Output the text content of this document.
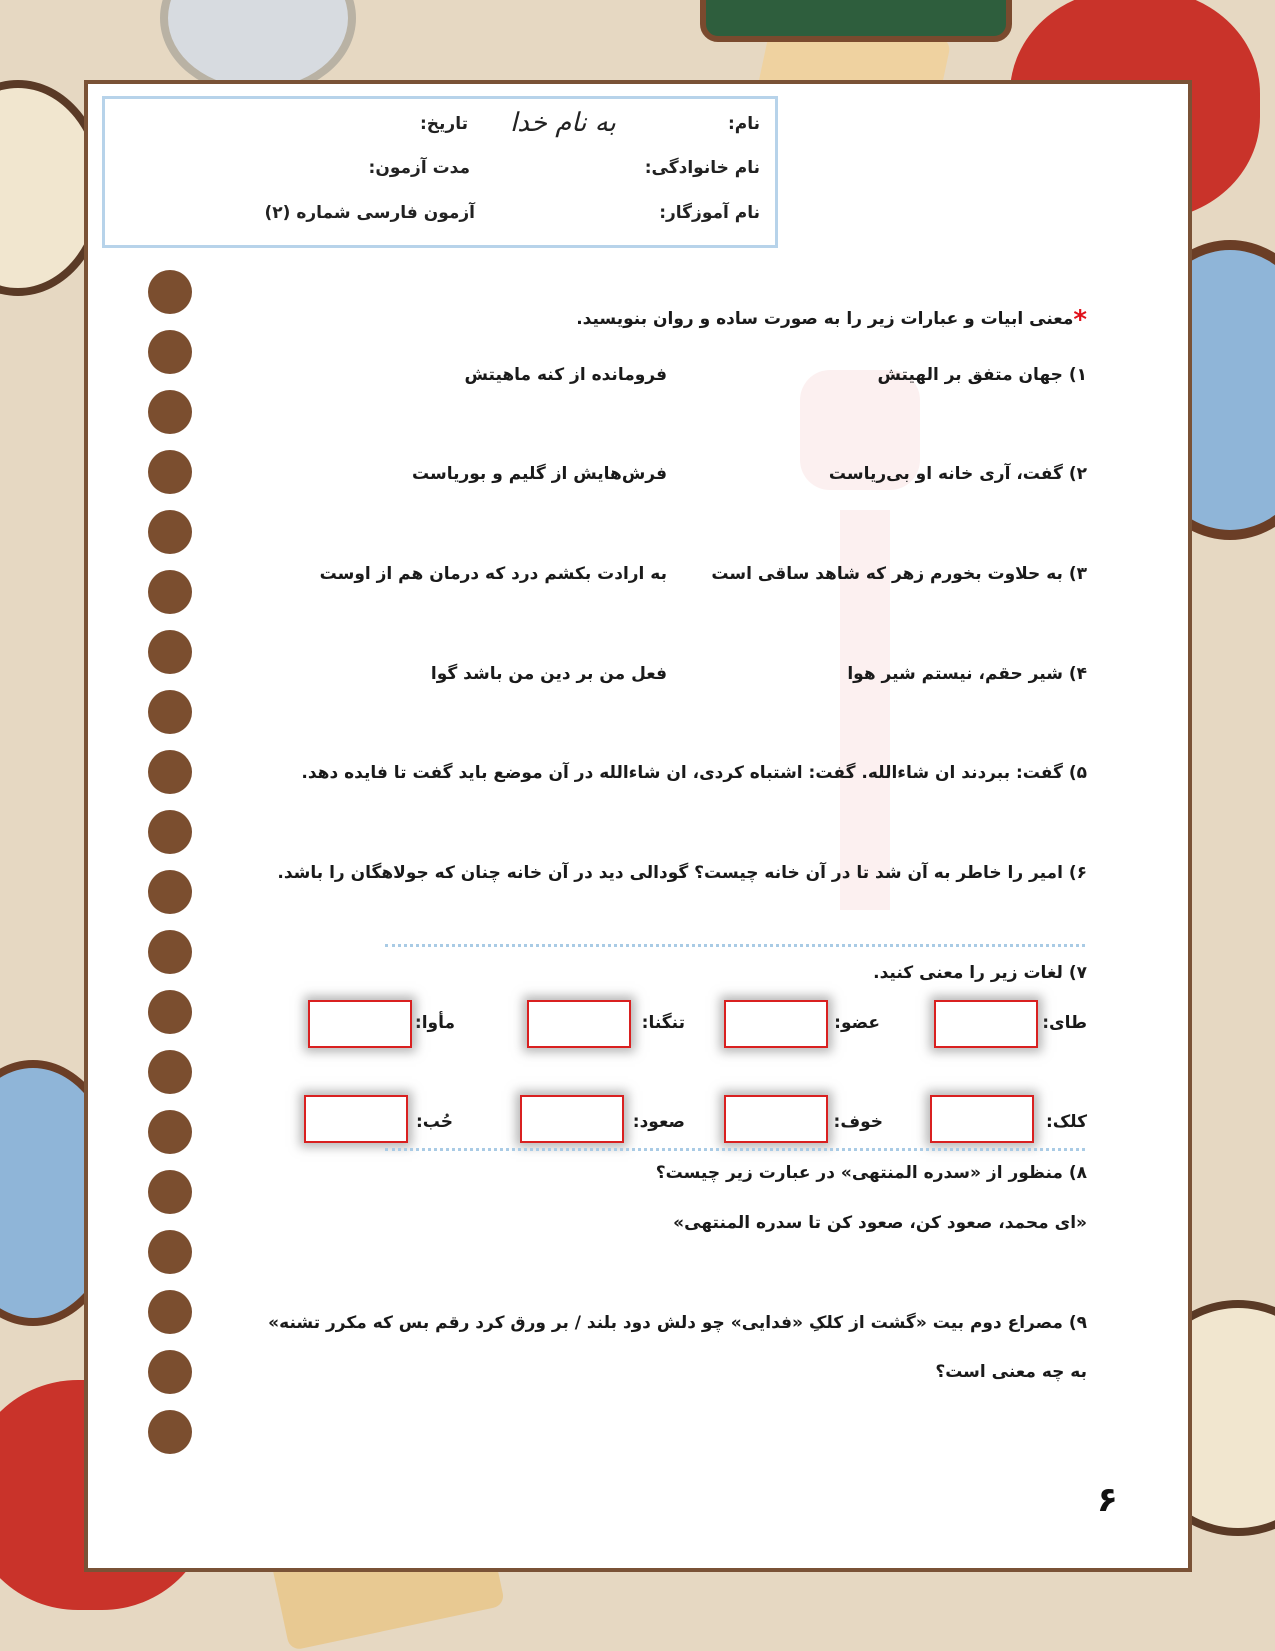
نام:
نام خانوادگی:
نام آموزگار:
تاریخ:
مدت آزمون:
آزمون فارسی شماره (۲)
به نام خدا
*معنی ابیات و عبارات زیر را به صورت ساده و روان بنویسید.
۱) جهان متفق بر الهیتش
فرومانده از کنه ماهیتش
۲) گفت، آری خانه او بی‌ریاست
فرش‌هایش از گلیم و بوریاست
۳) به حلاوت بخورم زهر که شاهد ساقی است
به ارادت بکشم درد که درمان هم از اوست
۴) شیر حقم، نیستم شیر هوا
فعل من بر دین من باشد گوا
۵) گفت: ببردند ان شاءالله. گفت: اشتباه کردی، ان شاءالله در آن موضع باید گفت تا فایده دهد.
۶) امیر را خاطر به آن شد تا در آن خانه چیست؟ گودالی دید در آن خانه چنان که جولاهگان را باشد.
۷) لغات زیر را معنی کنید.
طای:
عضو:
تنگنا:
مأوا:
کلک:
خوف:
صعود:
حُب:
۸) منظور از «سدره المنتهی» در عبارت زیر چیست؟
«ای محمد، صعود کن، صعود کن تا سدره المنتهی»
۹) مصراع دوم بیت «گشت از کلکِ «فدایی» چو دلش دود بلند / بر ورق کرد رقم بس که مکرر تشنه»
به چه معنی است؟
۶
